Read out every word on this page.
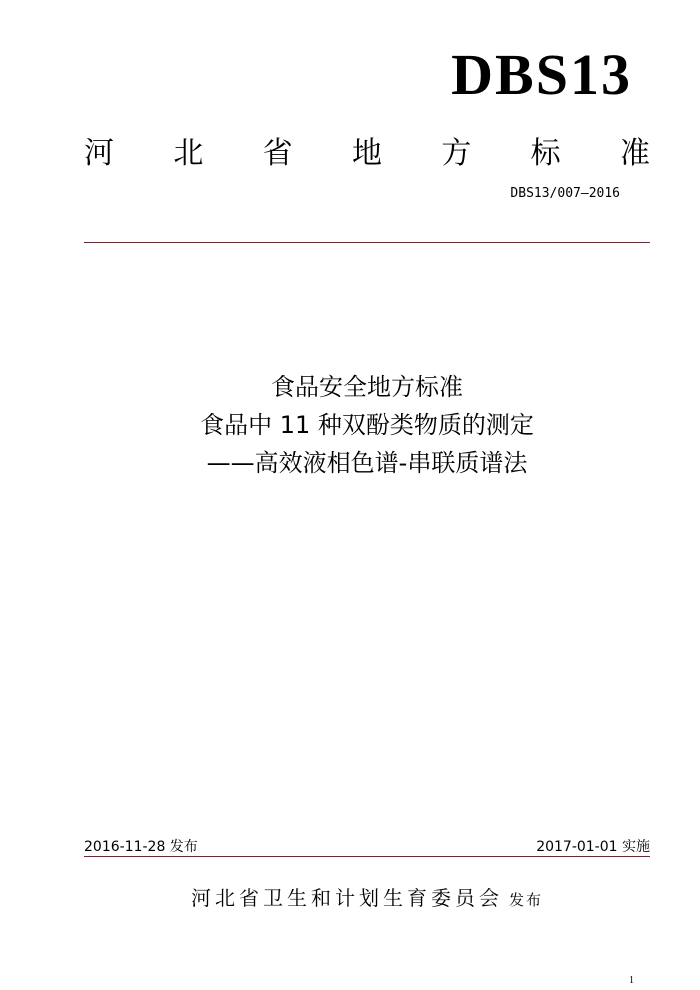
DBS13
河 北 省 地 方 标 准
DBS13/007—2016
食品安全地方标准
食品中 11 种双酚类物质的测定
——高效液相色谱-串联质谱法
2016-11-28 发布	2017-01-01 实施
河北省卫生和计划生育委员会 发布
1
